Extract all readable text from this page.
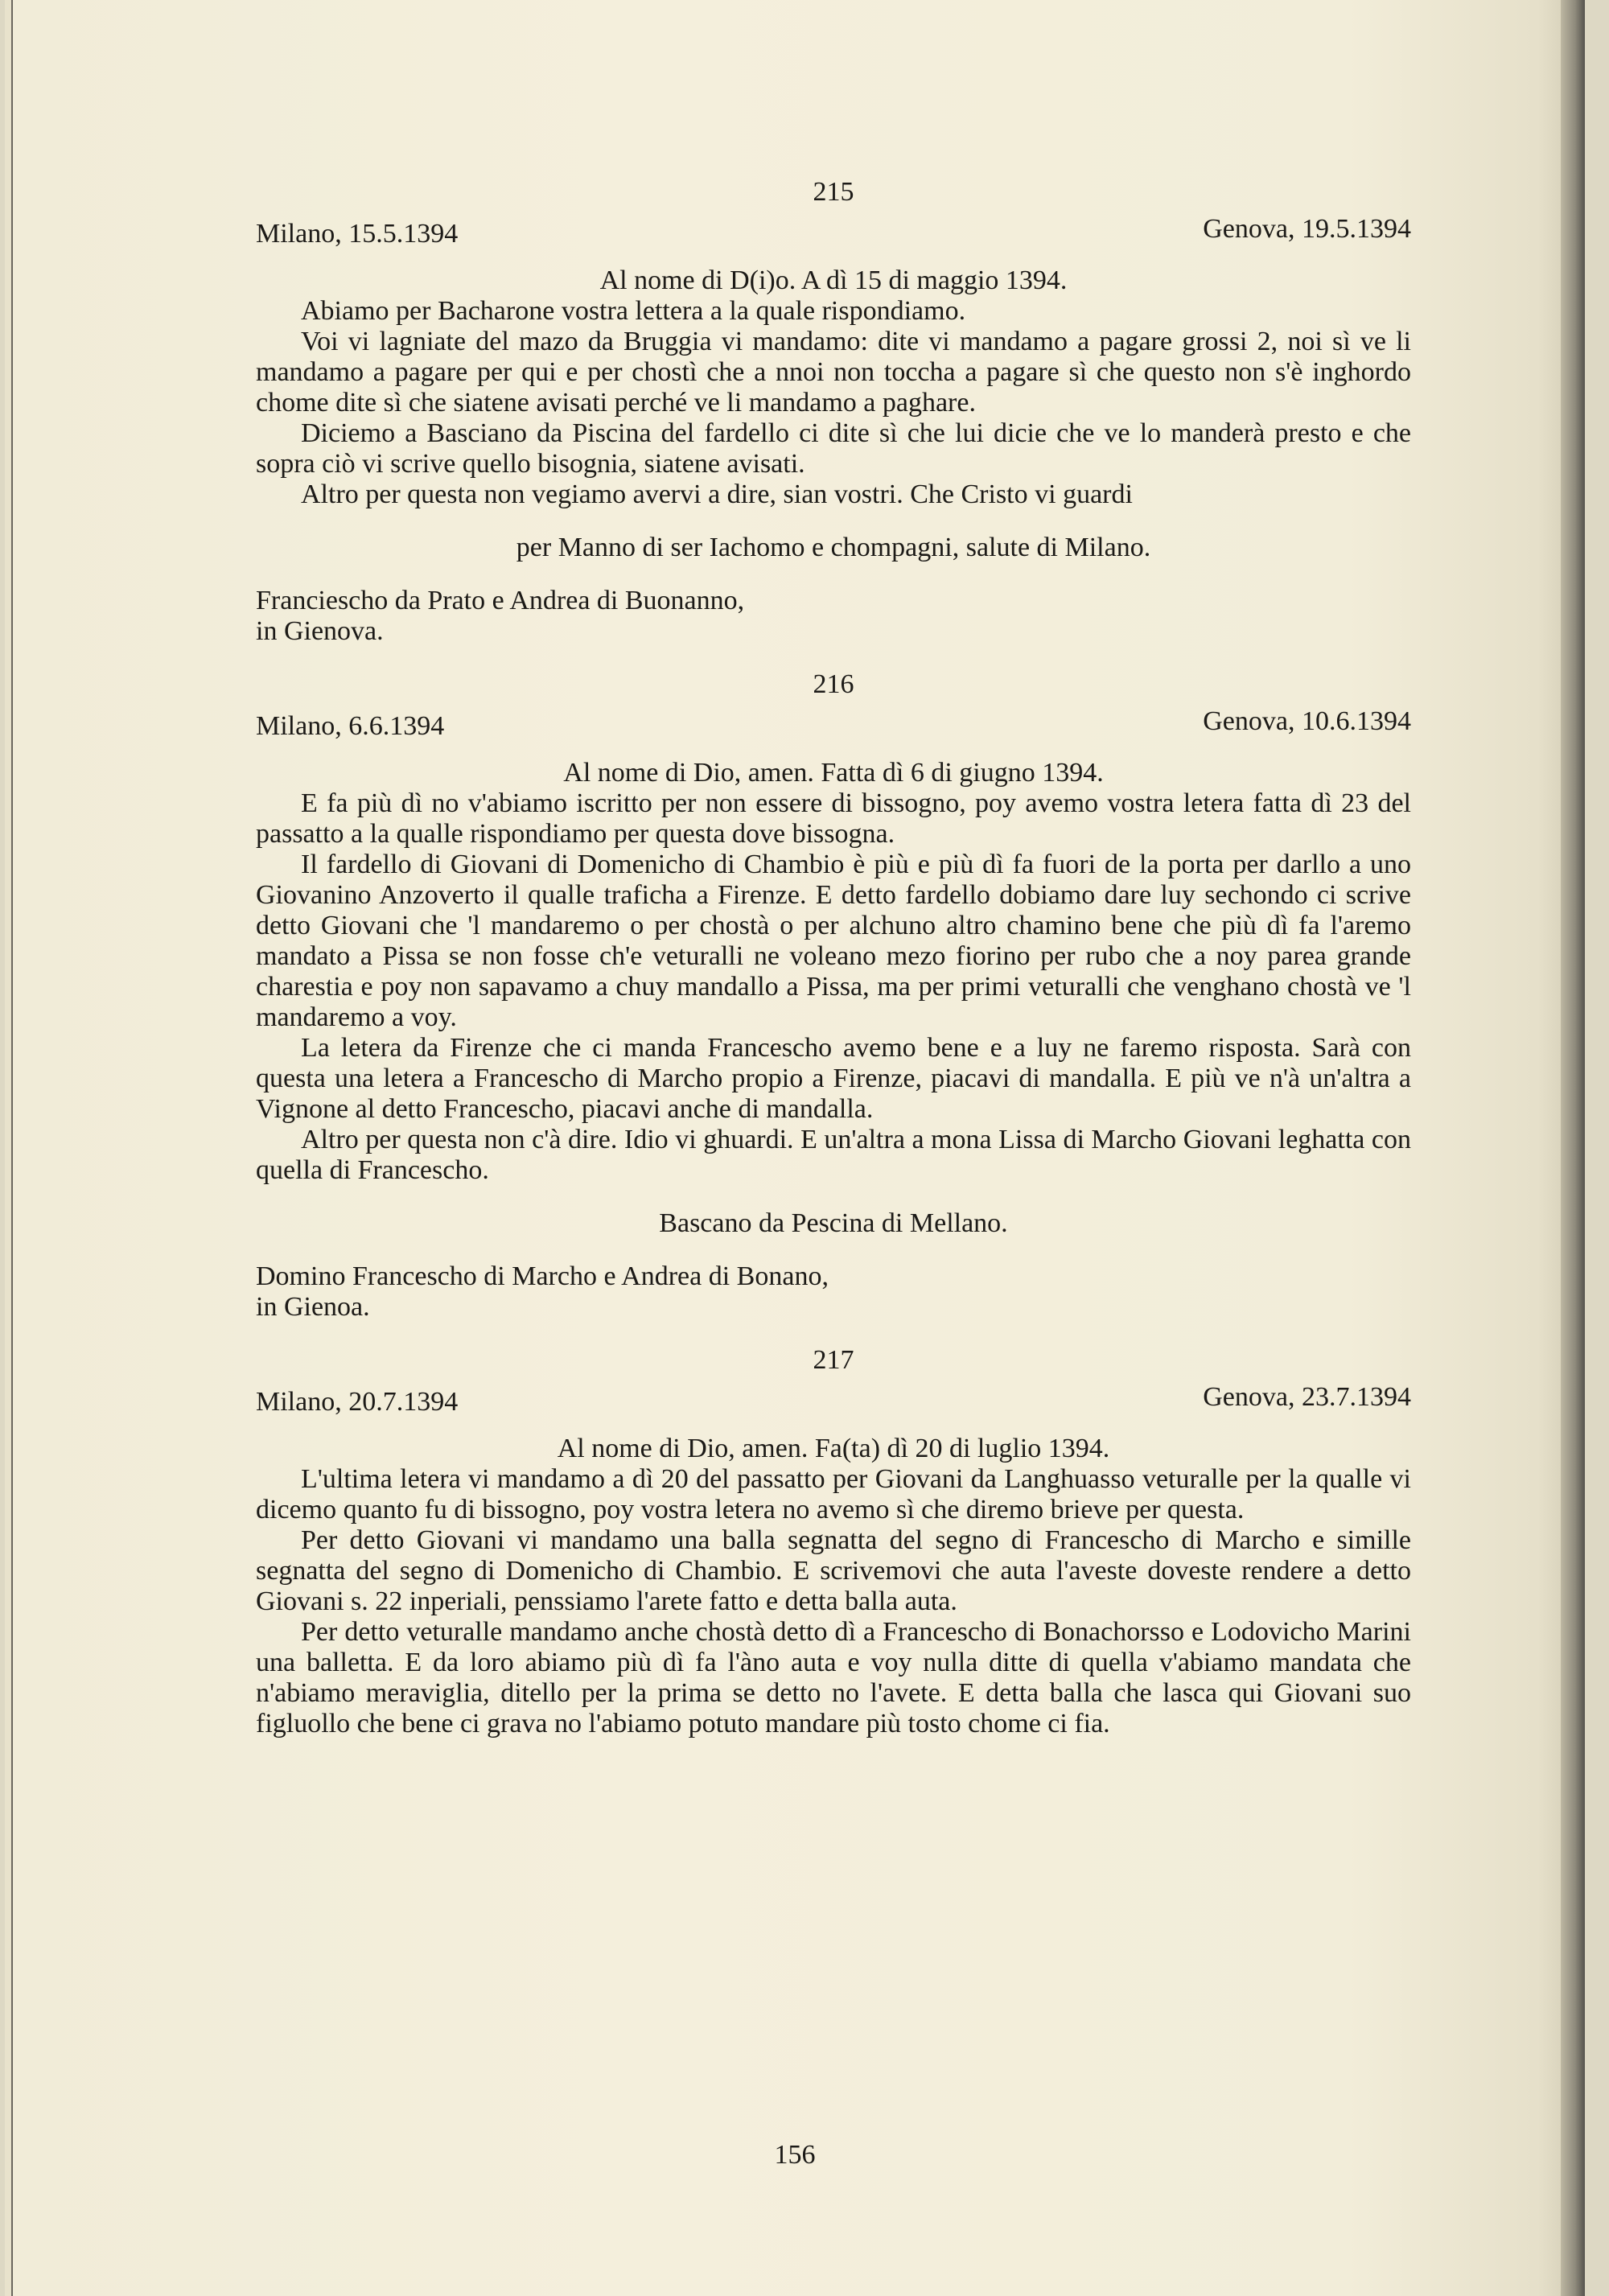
215
Milano, 15.5.1394	Genova, 19.5.1394
Al nome di D(i)o. A dì 15 di maggio 1394.

Abiamo per Bacharone vostra lettera a la quale rispondiamo.

Voi vi lagniate del mazo da Bruggia vi mandamo: dite vi mandamo a pagare grossi 2, noi sì ve li mandamo a pagare per qui e per chostì che a nnoi non toccha a pagare sì che questo non s'è inghordo chome dite sì che siatene avisati perché ve li mandamo a paghare.

Diciemo a Basciano da Piscina del fardello ci dite sì che lui dicie che ve lo manderà presto e che sopra ciò vi scrive quello bisognia, siatene avisati.

Altro per questa non vegiamo avervi a dire, sian vostri. Che Cristo vi guardi

per Manno di ser Iachomo e chompagni, salute di Milano.
Franciescho da Prato e Andrea di Buonanno,
in Gienova.
216
Milano, 6.6.1394	Genova, 10.6.1394
Al nome di Dio, amen. Fatta dì 6 di giugno 1394.

E fa più dì no v'abiamo iscritto per non essere di bissogno, poy avemo vostra letera fatta dì 23 del passatto a la qualle rispondiamo per questa dove bissogna.

Il fardello di Giovani di Domenicho di Chambio è più e più dì fa fuori de la porta per darllo a uno Giovanino Anzoverto il qualle traficha a Firenze. E detto fardello dobiamo dare luy sechondo ci scrive detto Giovani che 'l mandaremo o per chostà o per alchuno altro chamino bene che più dì fa l'aremo mandato a Pissa se non fosse ch'e veturalli ne voleano mezo fiorino per rubo che a noy parea grande charestia e poy non sapavamo a chuy mandallo a Pissa, ma per primi veturalli che venghano chostà ve 'l mandaremo a voy.

La letera da Firenze che ci manda Francescho avemo bene e a luy ne faremo risposta. Sarà con questa una letera a Francescho di Marcho propio a Firenze, piacavi di mandalla. E più ve n'à un'altra a Vignone al detto Francescho, piacavi anche di mandalla.

Altro per questa non c'à dire. Idio vi ghuardi. E un'altra a mona Lissa di Marcho Giovani leghatta con quella di Francescho.

Bascano da Pescina di Mellano.
Domino Francescho di Marcho e Andrea di Bonano,
in Gienoa.
217
Milano, 20.7.1394	Genova, 23.7.1394
Al nome di Dio, amen. Fa(ta) dì 20 di luglio 1394.

L'ultima letera vi mandamo a dì 20 del passatto per Giovani da Langhuasso veturalle per la qualle vi dicemo quanto fu di bissogno, poy vostra letera no avemo sì che diremo brieve per questa.

Per detto Giovani vi mandamo una balla segnatta del segno di Francescho di Marcho e simille segnatta del segno di Domenicho di Chambio. E scrivemovi che auta l'aveste doveste rendere a detto Giovani s. 22 inperiali, penssiamo l'arete fatto e detta balla auta.

Per detto veturalle mandamo anche chostà detto dì a Francescho di Bonachorsso e Lodovicho Marini una balletta. E da loro abiamo più dì fa l'àno auta e voy nulla ditte di quella v'abiamo mandata che n'abiamo meraviglia, ditello per la prima se detto no l'avete. E detta balla che lasca qui Giovani suo figluollo che bene ci grava no l'abiamo potuto mandare più tosto chome ci fia.

156
